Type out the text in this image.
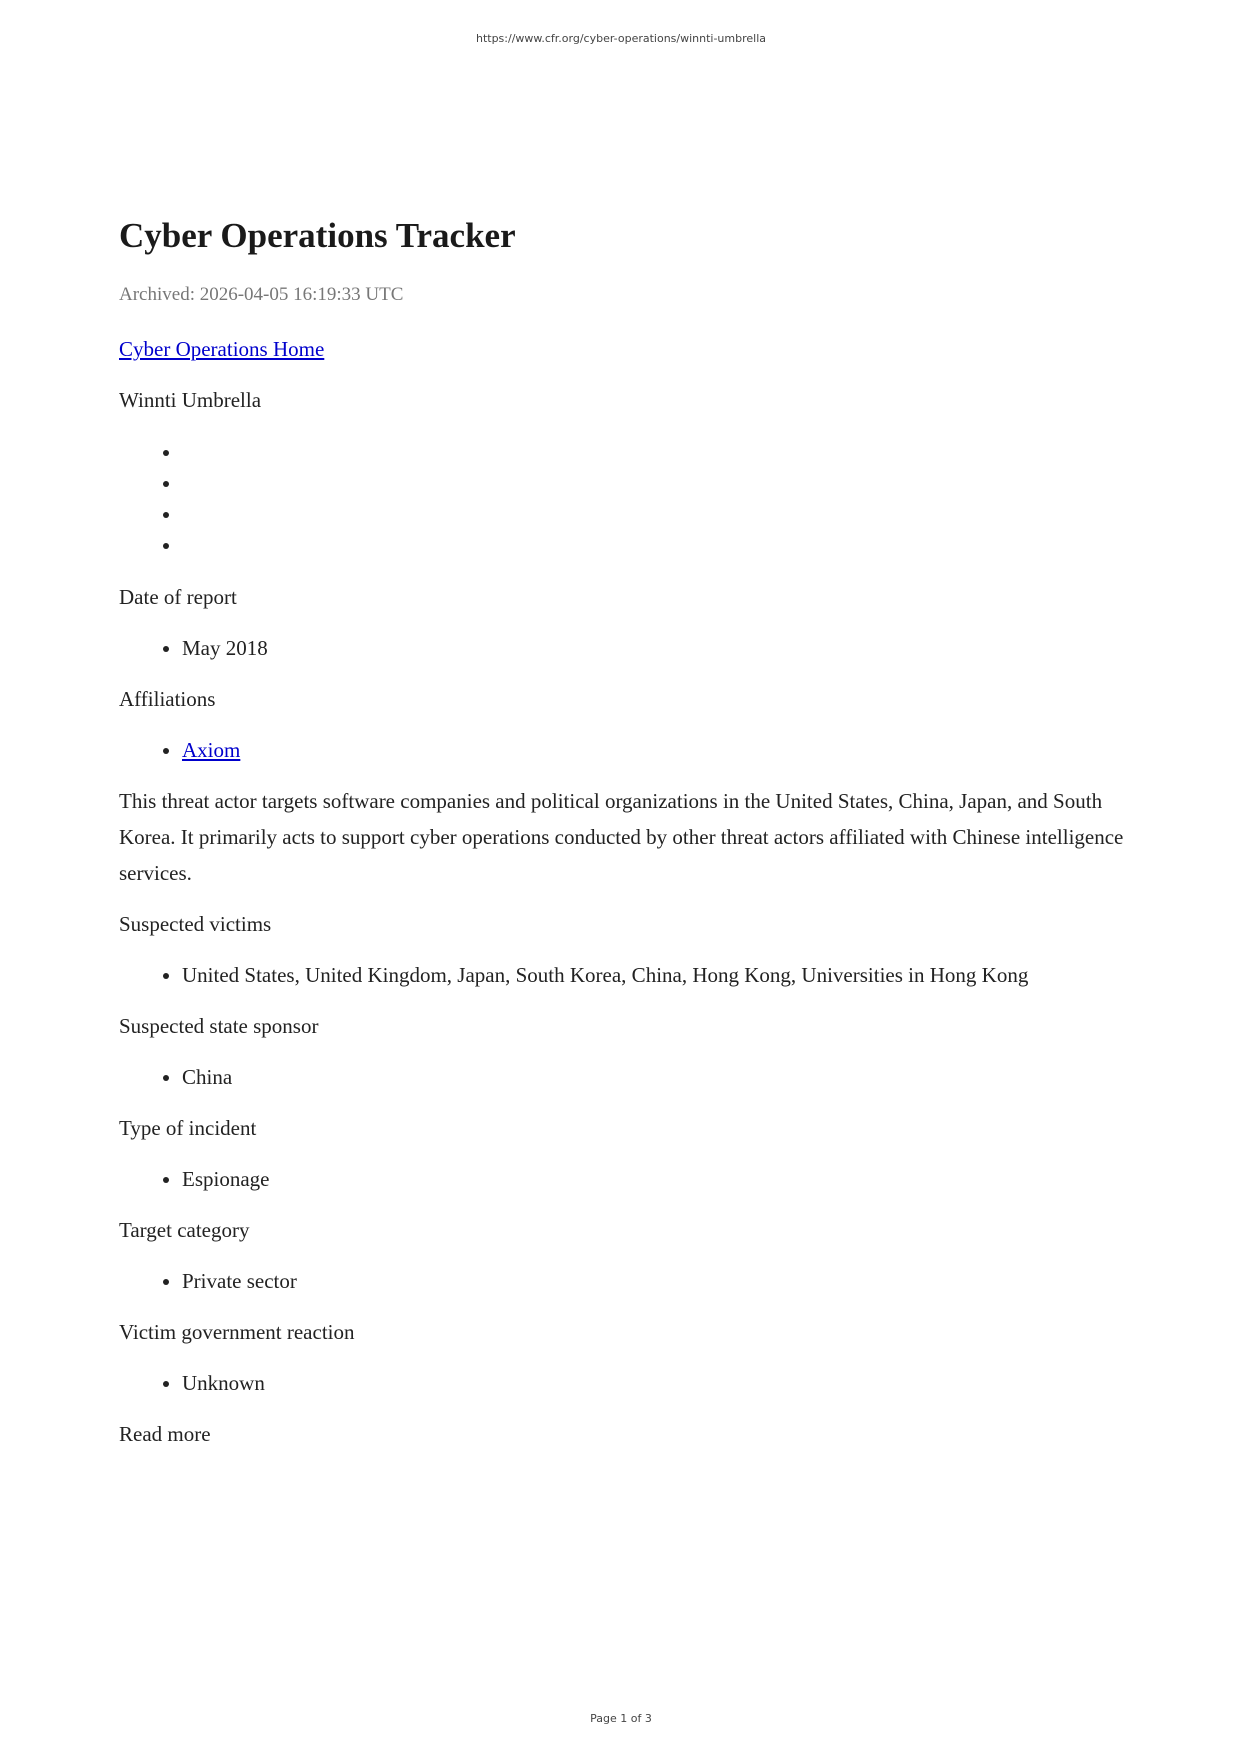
https://www.cfr.org/cyber-operations/winnti-umbrella
Cyber Operations Tracker
Archived: 2026-04-05 16:19:33 UTC
Cyber Operations Home

Winnti Umbrella

•
•
•
•

Date of report

• May 2018

Affiliations

• Axiom

This threat actor targets software companies and political organizations in the United States, China, Japan, and South Korea. It primarily acts to support cyber operations conducted by other threat actors affiliated with Chinese intelligence services.

Suspected victims

• United States, United Kingdom, Japan, South Korea, China, Hong Kong, Universities in Hong Kong

Suspected state sponsor

• China

Type of incident

• Espionage

Target category

• Private sector

Victim government reaction

• Unknown

Read more

Page 1 of 3
